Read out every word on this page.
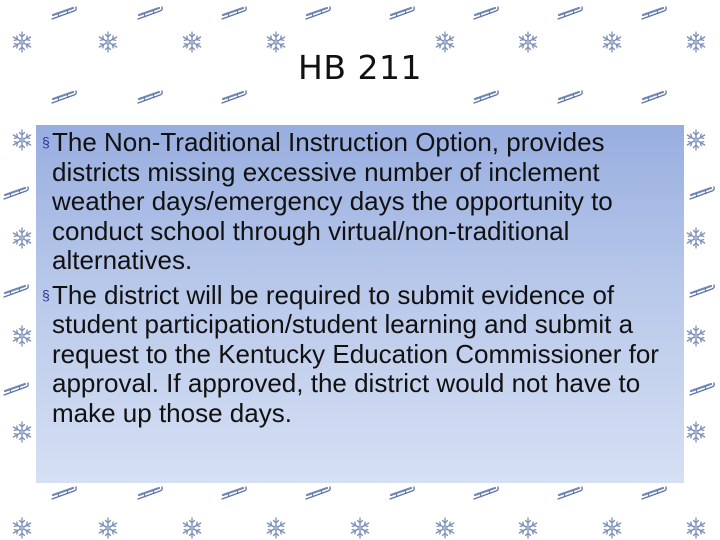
HB 211
§ The Non-Traditional Instruction Option, provides districts missing excessive number of inclement weather days/emergency days the opportunity to conduct school through virtual/non-traditional alternatives.
§ The district will be required to submit evidence of student participation/student learning and submit a request to the Kentucky Education Commissioner for approval. If approved, the district would not have to make up those days.
